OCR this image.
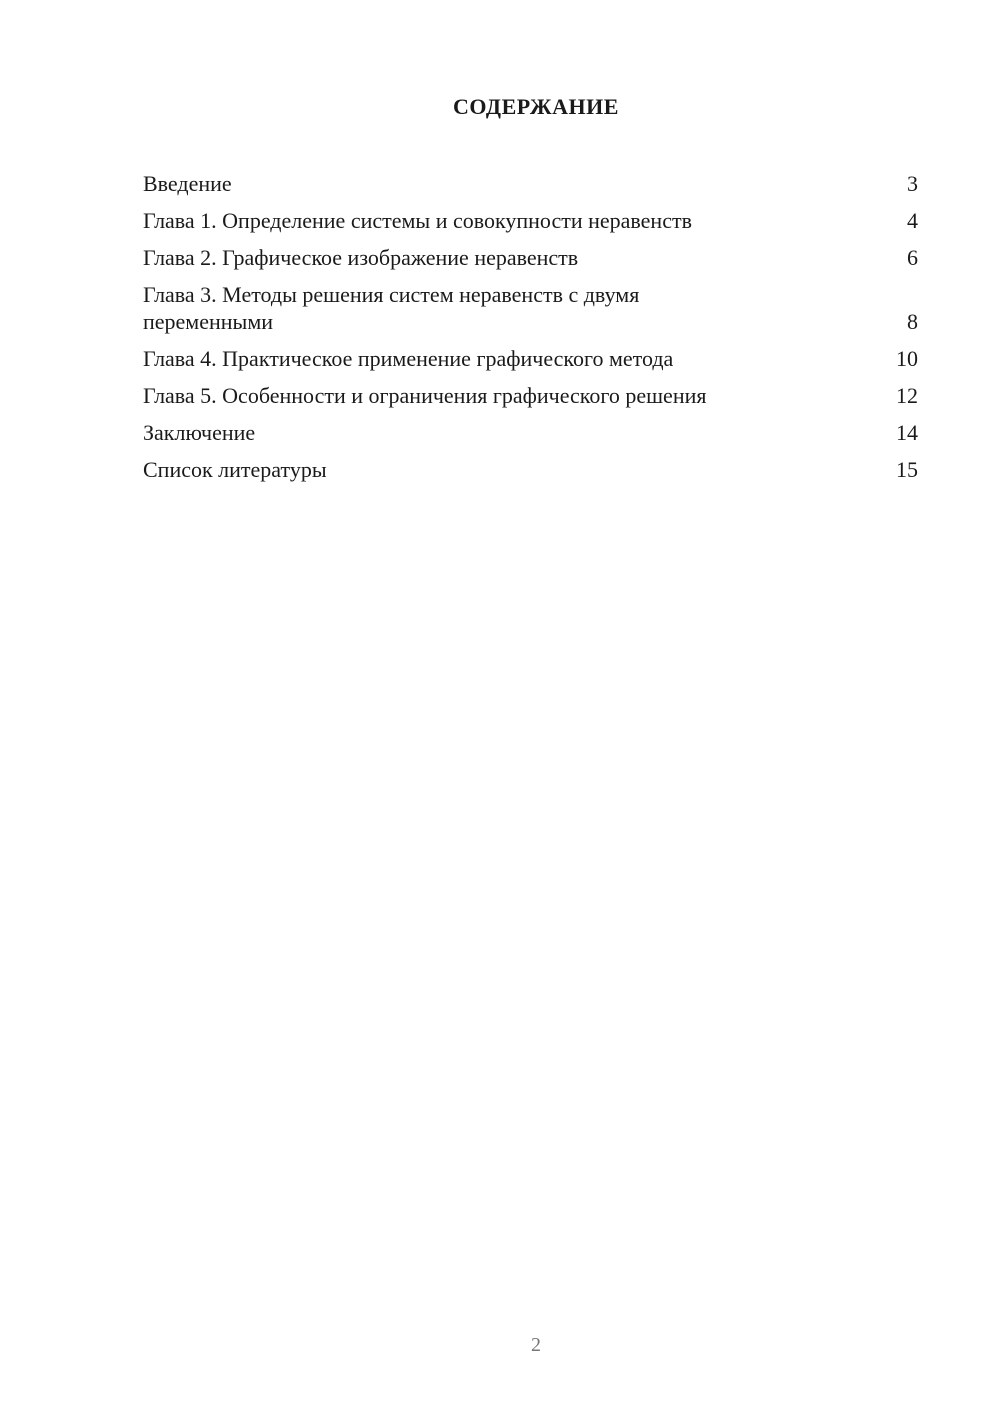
СОДЕРЖАНИЕ
Введение	3
Глава 1. Определение системы и совокупности неравенств	4
Глава 2. Графическое изображение неравенств	6
Глава 3. Методы решения систем неравенств с двумя переменными	8
Глава 4. Практическое применение графического метода	10
Глава 5. Особенности и ограничения графического решения	12
Заключение	14
Список литературы	15
2
